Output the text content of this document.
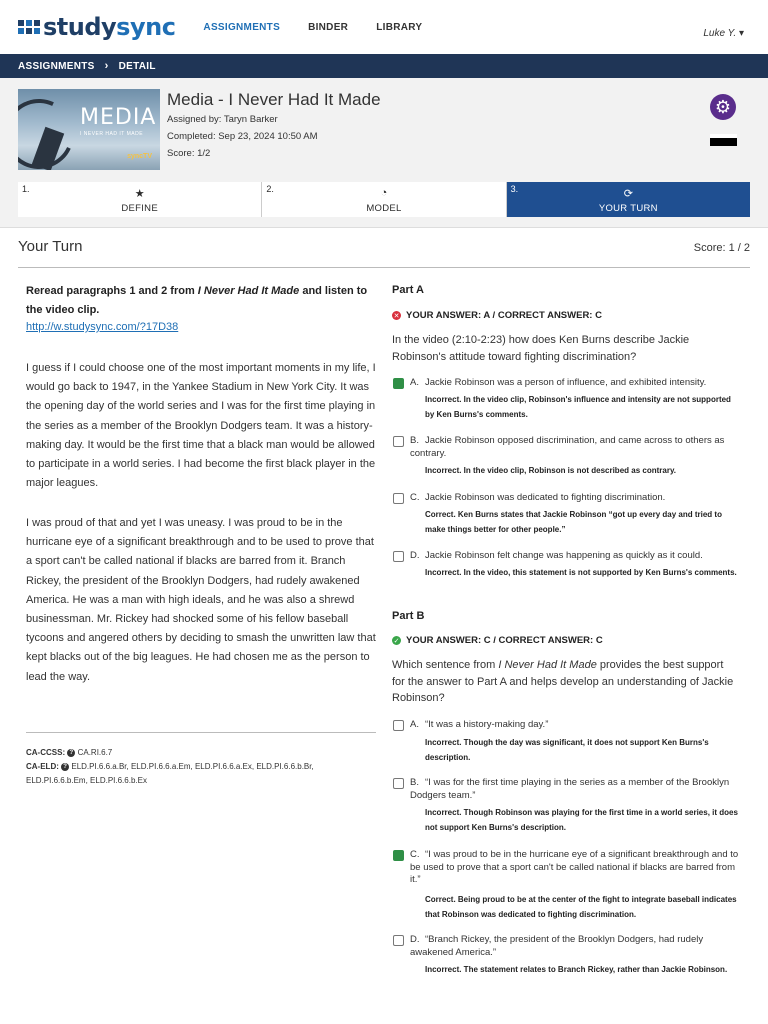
studysync	ASSIGNMENTS	BINDER	LIBRARY
Luke Y. ▾
ASSIGNMENTS › DETAIL
MEDIA
I NEVER HAD IT MADE
syncTV
Media - I Never Had It Made
Assigned by: Taryn Barker
Completed: Sep 23, 2024 10:50 AM
Score: 1/2
⚙
1.	★
DEFINE
2.	◔
MODEL
3.	⟳
YOUR TURN
Your Turn	Score: 1 / 2
Reread paragraphs 1 and 2 from I Never Had It Made and listen to the video clip.
http://w.studysync.com/?17D38
I guess if I could choose one of the most important moments in my life, I would go back to 1947, in the Yankee Stadium in New York City. It was the opening day of the world series and I was for the first time playing in the series as a member of the Brooklyn Dodgers team. It was a history-making day. It would be the first time that a black man would be allowed to participate in a world series. I had become the first black player in the major leagues.
I was proud of that and yet I was uneasy. I was proud to be in the hurricane eye of a significant breakthrough and to be used to prove that a sport can't be called national if blacks are barred from it. Branch Rickey, the president of the Brooklyn Dodgers, had rudely awakened America. He was a man with high ideals, and he was also a shrewd businessman. Mr. Rickey had shocked some of his fellow baseball tycoons and angered others by deciding to smash the unwritten law that kept blacks out of the big leagues. He had chosen me as the person to lead the way.
CA-CCSS: ? CA.RI.6.7
CA-ELD: ? ELD.PI.6.6.a.Br, ELD.PI.6.6.a.Em, ELD.PI.6.6.a.Ex, ELD.PI.6.6.b.Br, ELD.PI.6.6.b.Em, ELD.PI.6.6.b.Ex
Part A
✕ YOUR ANSWER: A / CORRECT ANSWER: C
In the video (2:10-2:23) how does Ken Burns describe Jackie Robinson's attitude toward fighting discrimination?
A. Jackie Robinson was a person of influence, and exhibited intensity.
Incorrect. In the video clip, Robinson's influence and intensity are not supported by Ken Burns's comments.
B. Jackie Robinson opposed discrimination, and came across to others as contrary.
Incorrect. In the video clip, Robinson is not described as contrary.
C. Jackie Robinson was dedicated to fighting discrimination.
Correct. Ken Burns states that Jackie Robinson “got up every day and tried to make things better for other people.”
D. Jackie Robinson felt change was happening as quickly as it could.
Incorrect. In the video, this statement is not supported by Ken Burns's comments.
Part B
✓ YOUR ANSWER: C / CORRECT ANSWER: C
Which sentence from I Never Had It Made provides the best support for the answer to Part A and helps develop an understanding of Jackie Robinson?
A. “It was a history-making day.”
Incorrect. Though the day was significant, it does not support Ken Burns's description.
B. “I was for the first time playing in the series as a member of the Brooklyn Dodgers team.”
Incorrect. Though Robinson was playing for the first time in a world series, it does not support Ken Burns's description.
C. “I was proud to be in the hurricane eye of a significant breakthrough and to be used to prove that a sport can't be called national if blacks are barred from it.”
Correct. Being proud to be at the center of the fight to integrate baseball indicates that Robinson was dedicated to fighting discrimination.
D. “Branch Rickey, the president of the Brooklyn Dodgers, had rudely awakened America.”
Incorrect. The statement relates to Branch Rickey, rather than Jackie Robinson.
